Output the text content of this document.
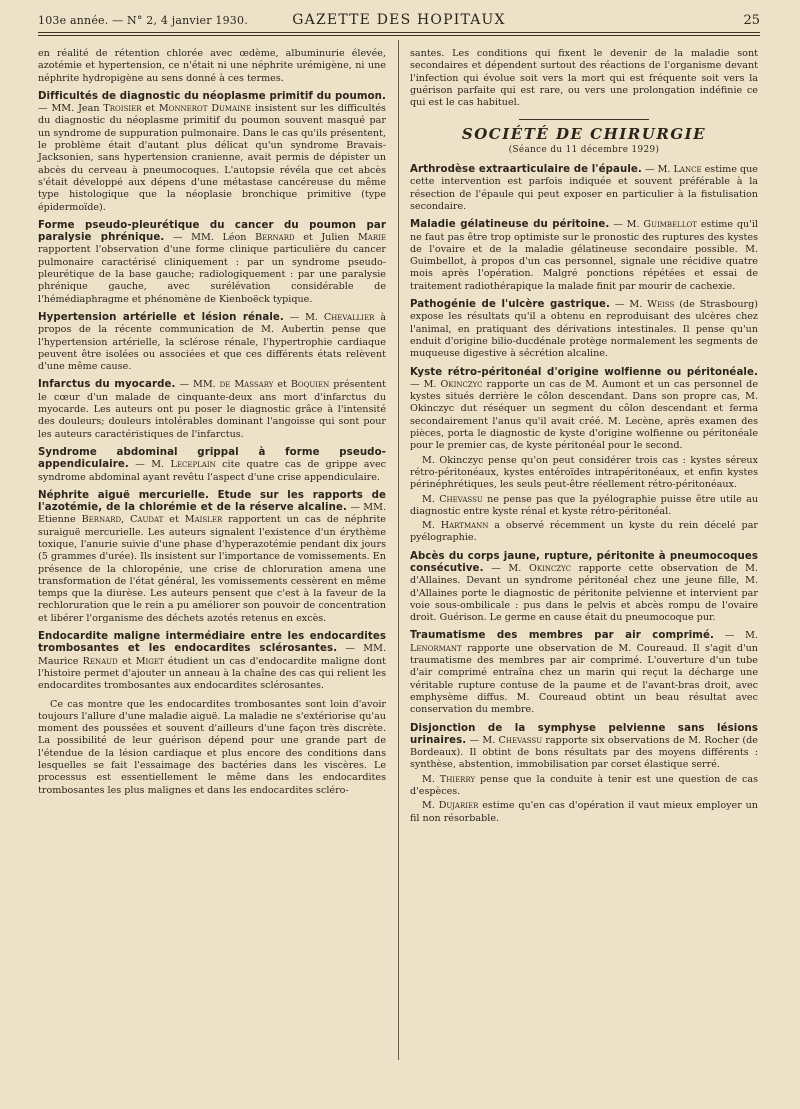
103e année. — N° 2, 4 janvier 1930.	GAZETTE DES HOPITAUX	25

en réalité de rétention chlorée avec œdème, albuminurie élevée, azotémie et hypertension, ce n'était ni une néphrite urémigène, ni une néphrite hydropigène au sens donné à ces termes.

Difficultés de diagnostic du néoplasme primitif du poumon. — MM. Jean Troisier et Monnerot Dumaine insistent sur les difficultés du diagnostic du néoplasme primitif du poumon souvent masqué par un syndrome de suppuration pulmonaire. Dans le cas qu'ils présentent, le problème était d'autant plus délicat qu'un syndrome Bravais-Jacksonien, sans hypertension cranienne, avait permis de dépister un abcès du cerveau à pneumocoques. L'autopsie révéla que cet abcès s'était développé aux dépens d'une métastase cancéreuse du même type histologique que la néoplasie bronchique primitive (type épidermoïde).

Forme pseudo-pleurétique du cancer du poumon par paralysie phrénique. — MM. Léon Bernard et Julien Marie rapportent l'observation d'une forme clinique particulière du cancer pulmonaire caractérisé cliniquement : par un syndrome pseudo-pleurétique de la base gauche; radiologiquement : par une paralysie phrénique gauche, avec surélévation considérable de l'hémédiaphragme et phénomène de Kienboëck typique.

Hypertension artérielle et lésion rénale. — M. Chevallier à propos de la récente communication de M. Aubertin pense que l'hypertension artérielle, la sclérose rénale, l'hypertrophie cardiaque peuvent être isolées ou associées et que ces différents états relèvent d'une même cause.

Infarctus du myocarde. — MM. de Massary et Boquien présentent le cœur d'un malade de cinquante-deux ans mort d'infarctus du myocarde. Les auteurs ont pu poser le diagnostic grâce à l'intensité des douleurs; douleurs intolérables dominant l'angoisse qui sont pour les auteurs caractéristiques de l'infarctus.

Syndrome abdominal grippal à forme pseudo-appendiculaire. — M. Leceplain cite quatre cas de grippe avec syndrome abdominal ayant revêtu l'aspect d'une crise appendiculaire.

Néphrite aiguë mercurielle. Etude sur les rapports de l'azotémie, de la chlorémie et de la réserve alcaline. — MM. Etienne Bernard, Caudat et Maisler rapportent un cas de néphrite suraiguë mercurielle. Les auteurs signalent l'existence d'un érythème toxique, l'anurie suivie d'une phase d'hyperazotémie pendant dix jours (5 grammes d'urée). Ils insistent sur l'importance de vomissements. En présence de la chloropénie, une crise de chloruration amena une transformation de l'état général, les vomissements cessèrent en même temps que la diurèse. Les auteurs pensent que c'est à la faveur de la rechloruration que le rein a pu améliorer son pouvoir de concentration et libérer l'organisme des déchets azotés retenus en excès.

Endocardite maligne intermédiaire entre les endocardites trombosantes et les endocardites sclérosantes. — MM. Maurice Renaud et Miget étudient un cas d'endocardite maligne dont l'histoire permet d'ajouter un anneau à la chaîne des cas qui relient les endocardites trombosantes aux endocardites sclérosantes.

Ce cas montre que les endocardites trombosantes sont loin d'avoir toujours l'allure d'une maladie aiguë. La maladie ne s'extériorise qu'au moment des poussées et souvent d'ailleurs d'une façon très discrète. La possibilité de leur guérison dépend pour une grande part de l'étendue de la lésion cardiaque et plus encore des conditions dans lesquelles se fait l'essaimage des bactéries dans les viscères. Le processus est essentiellement le même dans les endocardites trombosantes les plus malignes et dans les endocardites scléro-

santes. Les conditions qui fixent le devenir de la maladie sont secondaires et dépendent surtout des réactions de l'organisme devant l'infection qui évolue soit vers la mort qui est fréquente soit vers la guérison parfaite qui est rare, ou vers une prolongation indéfinie ce qui est le cas habituel.

SOCIÉTÉ DE CHIRURGIE
(Séance du 11 décembre 1929)

Arthrodèse extraarticulaire de l'épaule. — M. Lance estime que cette intervention est parfois indiquée et souvent préférable à la résection de l'épaule qui peut exposer en particulier à la fistulisation secondaire.

Maladie gélatineuse du péritoine. — M. Guimbellot estime qu'il ne faut pas être trop optimiste sur le pronostic des ruptures des kystes de l'ovaire et de la maladie gélatineuse secondaire possible. M. Guimbellot, à propos d'un cas personnel, signale une récidive quatre mois après l'opération. Malgré ponctions répétées et essai de traitement radiothérapique la malade finit par mourir de cachexie.

Pathogénie de l'ulcère gastrique. — M. Weiss (de Strasbourg) expose les résultats qu'il a obtenu en reproduisant des ulcères chez l'animal, en pratiquant des dérivations intestinales. Il pense qu'un enduit d'origine bilio-ducdénale protège normalement les segments de muqueuse digestive à sécrétion alcaline.

Kyste rétro-péritonéal d'origine wolfienne ou péritonéale. — M. Okinczyc rapporte un cas de M. Aumont et un cas personnel de kystes situés derrière le côlon descendant. Dans son propre cas, M. Okinczyc dut réséquer un segment du côlon descendant et ferma secondairement l'anus qu'il avait créé. M. Lecène, après examen des pièces, porta le diagnostic de kyste d'origine wolfienne ou péritonéale pour le premier cas, de kyste péritonéal pour le second.

M. Okinczyc pense qu'on peut considérer trois cas : kystes séreux rétro-péritonéaux, kystes entéroïdes intrapéritonéaux, et enfin kystes périnéphrétiques, les seuls peut-être réellement rétro-péritonéaux.

M. Chevassu ne pense pas que la pyélographie puisse être utile au diagnostic entre kyste rénal et kyste rétro-péritonéal.

M. Hartmann a observé récemment un kyste du rein décelé par pyélographie.

Abcès du corps jaune, rupture, péritonite à pneumocoques consécutive. — M. Okinczyc rapporte cette observation de M. d'Allaines. Devant un syndrome péritonéal chez une jeune fille, M. d'Allaines porte le diagnostic de péritonite pelvienne et intervient par voie sous-ombilicale : pus dans le pelvis et abcès rompu de l'ovaire droit. Guérison. Le germe en cause était du pneumocoque pur.

Traumatisme des membres par air comprimé. — M. Lenormant rapporte une observation de M. Coureaud. Il s'agit d'un traumatisme des membres par air comprimé. L'ouverture d'un tube d'air comprimé entraîna chez un marin qui reçut la décharge une véritable rupture contuse de la paume et de l'avant-bras droit, avec emphysème diffus. M. Coureaud obtint un beau résultat avec conservation du membre.

Disjonction de la symphyse pelvienne sans lésions urinaires. — M. Chevassu rapporte six observations de M. Rocher (de Bordeaux). Il obtint de bons résultats par des moyens différents : synthèse, abstention, immobilisation par corset élastique serré.

M. Thierry pense que la conduite à tenir est une question de cas d'espèces.

M. Dujarier estime qu'en cas d'opération il vaut mieux employer un fil non résorbable.
